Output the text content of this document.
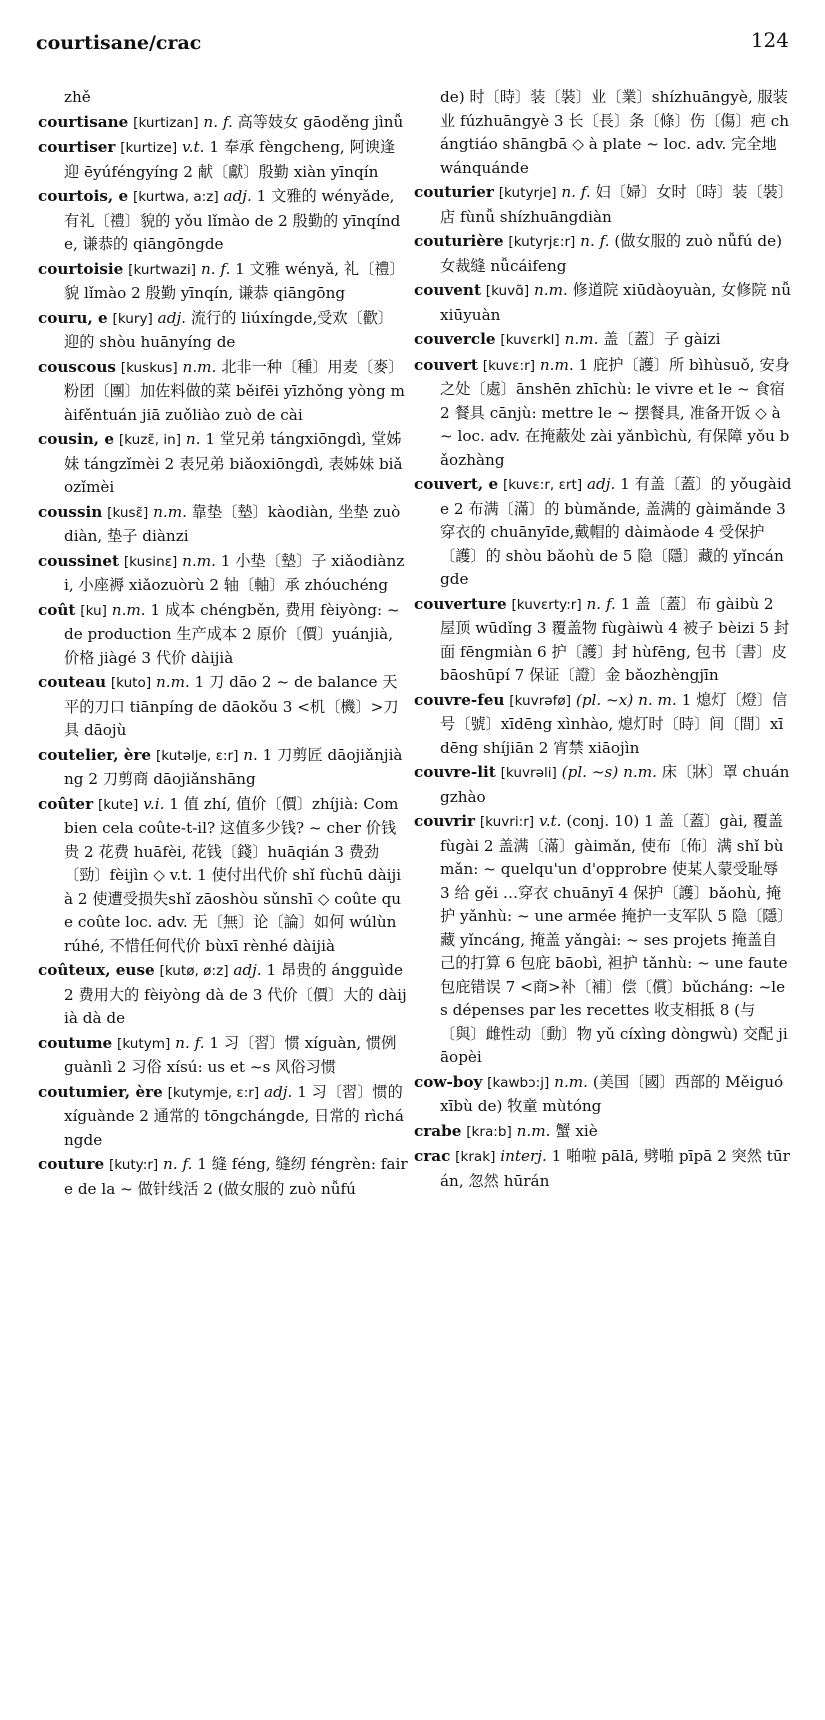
courtisane/crac	124

zhě

courtisane [kurtizan] n. f. 高等妓女 gāoděng jìnǚ

courtiser [kurtize] v.t. 1 奉承 fèngcheng, 阿谀逢迎 ēyúféngyíng 2 献〔獻〕殷勤 xiàn yīnqín

courtois, e [kurtwa, a:z] adj. 1 文雅的 wényǎde, 有礼〔禮〕貌的 yǒu lǐmào de 2 殷勤的 yīnqínde, 谦恭的 qiāngōngde

courtoisie [kurtwazi] n. f. 1 文雅 wényǎ, 礼〔禮〕貌 lǐmào 2 殷勤 yīnqín, 谦恭 qiāngōng

couru, e [kury] adj. 流行的 liúxíngde,受欢〔歡〕迎的 shòu huānyíng de

couscous [kuskus] n.m. 北非一种〔種〕用麦〔麥〕粉团〔團〕加佐料做的菜 běifēi yīzhǒng yòng màifěntuán jiā zuǒliào zuò de cài

cousin, e [kuzɛ̃, in] n. 1 堂兄弟 tángxiōngdì, 堂姊妹 tángzǐmèi 2 表兄弟 biǎoxiōngdì, 表姊妹 biǎozǐmèi

coussin [kusɛ̃] n.m. 靠垫〔墊〕kàodiàn, 坐垫 zuòdiàn, 垫子 diànzi

coussinet [kusinɛ] n.m. 1 小垫〔墊〕子 xiǎodiànzi, 小座褥 xiǎozuòrù 2 轴〔軸〕承 zhóuchéng

coût [ku] n.m. 1 成本 chéngběn, 费用 fèiyòng: ~ de production 生产成本 2 原价〔價〕yuánjià, 价格 jiàgé 3 代价 dàijià

couteau [kuto] n.m. 1 刀 dāo 2 ~ de balance 天平的刀口 tiānpíng de dāokǒu 3 <机〔機〕>刀具 dāojù

coutelier, ère [kutəlje, ɛ:r] n. 1 刀剪匠 dāojiǎnjiàng 2 刀剪商 dāojiǎnshāng

coûter [kute] v.i. 1 值 zhí, 值价〔價〕zhíjià: Combien cela coûte-t-il? 这值多少钱? ~ cher 价钱贵 2 花费 huāfèi, 花钱〔錢〕huāqián 3 费劲〔勁〕fèijìn ◇ v.t. 1 使付出代价 shǐ fùchū dàijià 2 使遭受损失shǐ zāoshòu sǔnshī ◇ coûte que coûte loc. adv. 无〔無〕论〔論〕如何 wúlùn rúhé, 不惜任何代价 bùxī rènhé dàijià

coûteux, euse [kutø, ø:z] adj. 1 昂贵的 ángguìde 2 费用大的 fèiyòng dà de 3 代价〔價〕大的 dàijià dà de

coutume [kutym] n. f. 1 习〔習〕惯 xíguàn, 惯例 guànlì 2 习俗 xísú: us et ~s 风俗习惯

coutumier, ère [kutymje, ɛ:r] adj. 1 习〔習〕惯的 xíguànde 2 通常的 tōngchángde, 日常的 rìchángde

couture [kuty:r] n. f. 1 缝 féng, 缝纫 féngrèn: faire de la ~ 做针线活 2 (做女服的 zuò nǚfú

de) 时〔時〕装〔裝〕业〔業〕shízhuāngyè, 服装业 fúzhuāngyè 3 长〔長〕条〔條〕伤〔傷〕疤 chángtiáo shāngbā ◇ à plate ~ loc. adv. 完全地 wánquánde

couturier [kutyrje] n. f. 妇〔婦〕女时〔時〕装〔裝〕店 fùnǚ shízhuāngdiàn

couturière [kutyrjɛ:r] n. f. (做女服的 zuò nǚfú de) 女裁缝 nǚcáifeng

couvent [kuvɑ̃] n.m. 修道院 xiūdàoyuàn, 女修院 nǚxiūyuàn

couvercle [kuvɛrkl] n.m. 盖〔蓋〕子 gàizi

couvert [kuvɛ:r] n.m. 1 庇护〔護〕所 bìhùsuǒ, 安身之处〔處〕ānshēn zhīchù: le vivre et le ~ 食宿 2 餐具 cānjù: mettre le ~ 摆餐具, 准备开饭 ◇ à ~ loc. adv. 在掩蔽处 zài yǎnbìchù, 有保障 yǒu bǎozhàng

couvert, e [kuvɛ:r, ɛrt] adj. 1 有盖〔蓋〕的 yǒugàide 2 布满〔滿〕的 bùmǎnde, 盖满的 gàimǎnde 3 穿衣的 chuānyīde,戴帽的 dàimàode 4 受保护〔護〕的 shòu bǎohù de 5 隐〔隱〕藏的 yǐncángde

couverture [kuvɛrty:r] n. f. 1 盖〔蓋〕布 gàibù 2 屋顶 wūdǐng 3 覆盖物 fùgàiwù 4 被子 bèizi 5 封面 fēngmiàn 6 护〔護〕封 hùfēng, 包书〔書〕皮 bāoshūpí 7 保证〔證〕金 bǎozhèngjīn

couvre-feu [kuvrəfø] (pl. ~x) n. m. 1 熄灯〔燈〕信号〔號〕xīdēng xìnhào, 熄灯时〔時〕间〔間〕xīdēng shíjiān 2 宵禁 xiāojìn

couvre-lit [kuvrəli] (pl. ~s) n.m. 床〔牀〕罩 chuángzhào

couvrir [kuvri:r] v.t. (conj. 10) 1 盖〔蓋〕gài, 覆盖 fùgài 2 盖满〔滿〕gàimǎn, 使布〔佈〕满 shǐ bùmǎn: ~ quelqu'un d'opprobre 使某人蒙受耻辱 3 给 gěi …穿衣 chuānyī 4 保护〔護〕bǎohù, 掩护 yǎnhù: ~ une armée 掩护一支军队 5 隐〔隱〕藏 yǐncáng, 掩盖 yǎngài: ~ ses projets 掩盖自己的打算 6 包庇 bāobì, 袒护 tǎnhù: ~ une faute 包庇错误 7 <商>补〔補〕偿〔償〕bǔcháng: ~les dépenses par les recettes 收支相抵 8 (与〔與〕雌性动〔動〕物 yǔ cíxìng dòngwù) 交配 jiāopèi

cow-boy [kawbɔ:j] n.m. (美国〔國〕西部的 Měiguó xībù de) 牧童 mùtóng

crabe [kra:b] n.m. 蟹 xiè

crac [krak] interj. 1 啪啦 pālā, 劈啪 pīpā 2 突然 tūrán, 忽然 hūrán
